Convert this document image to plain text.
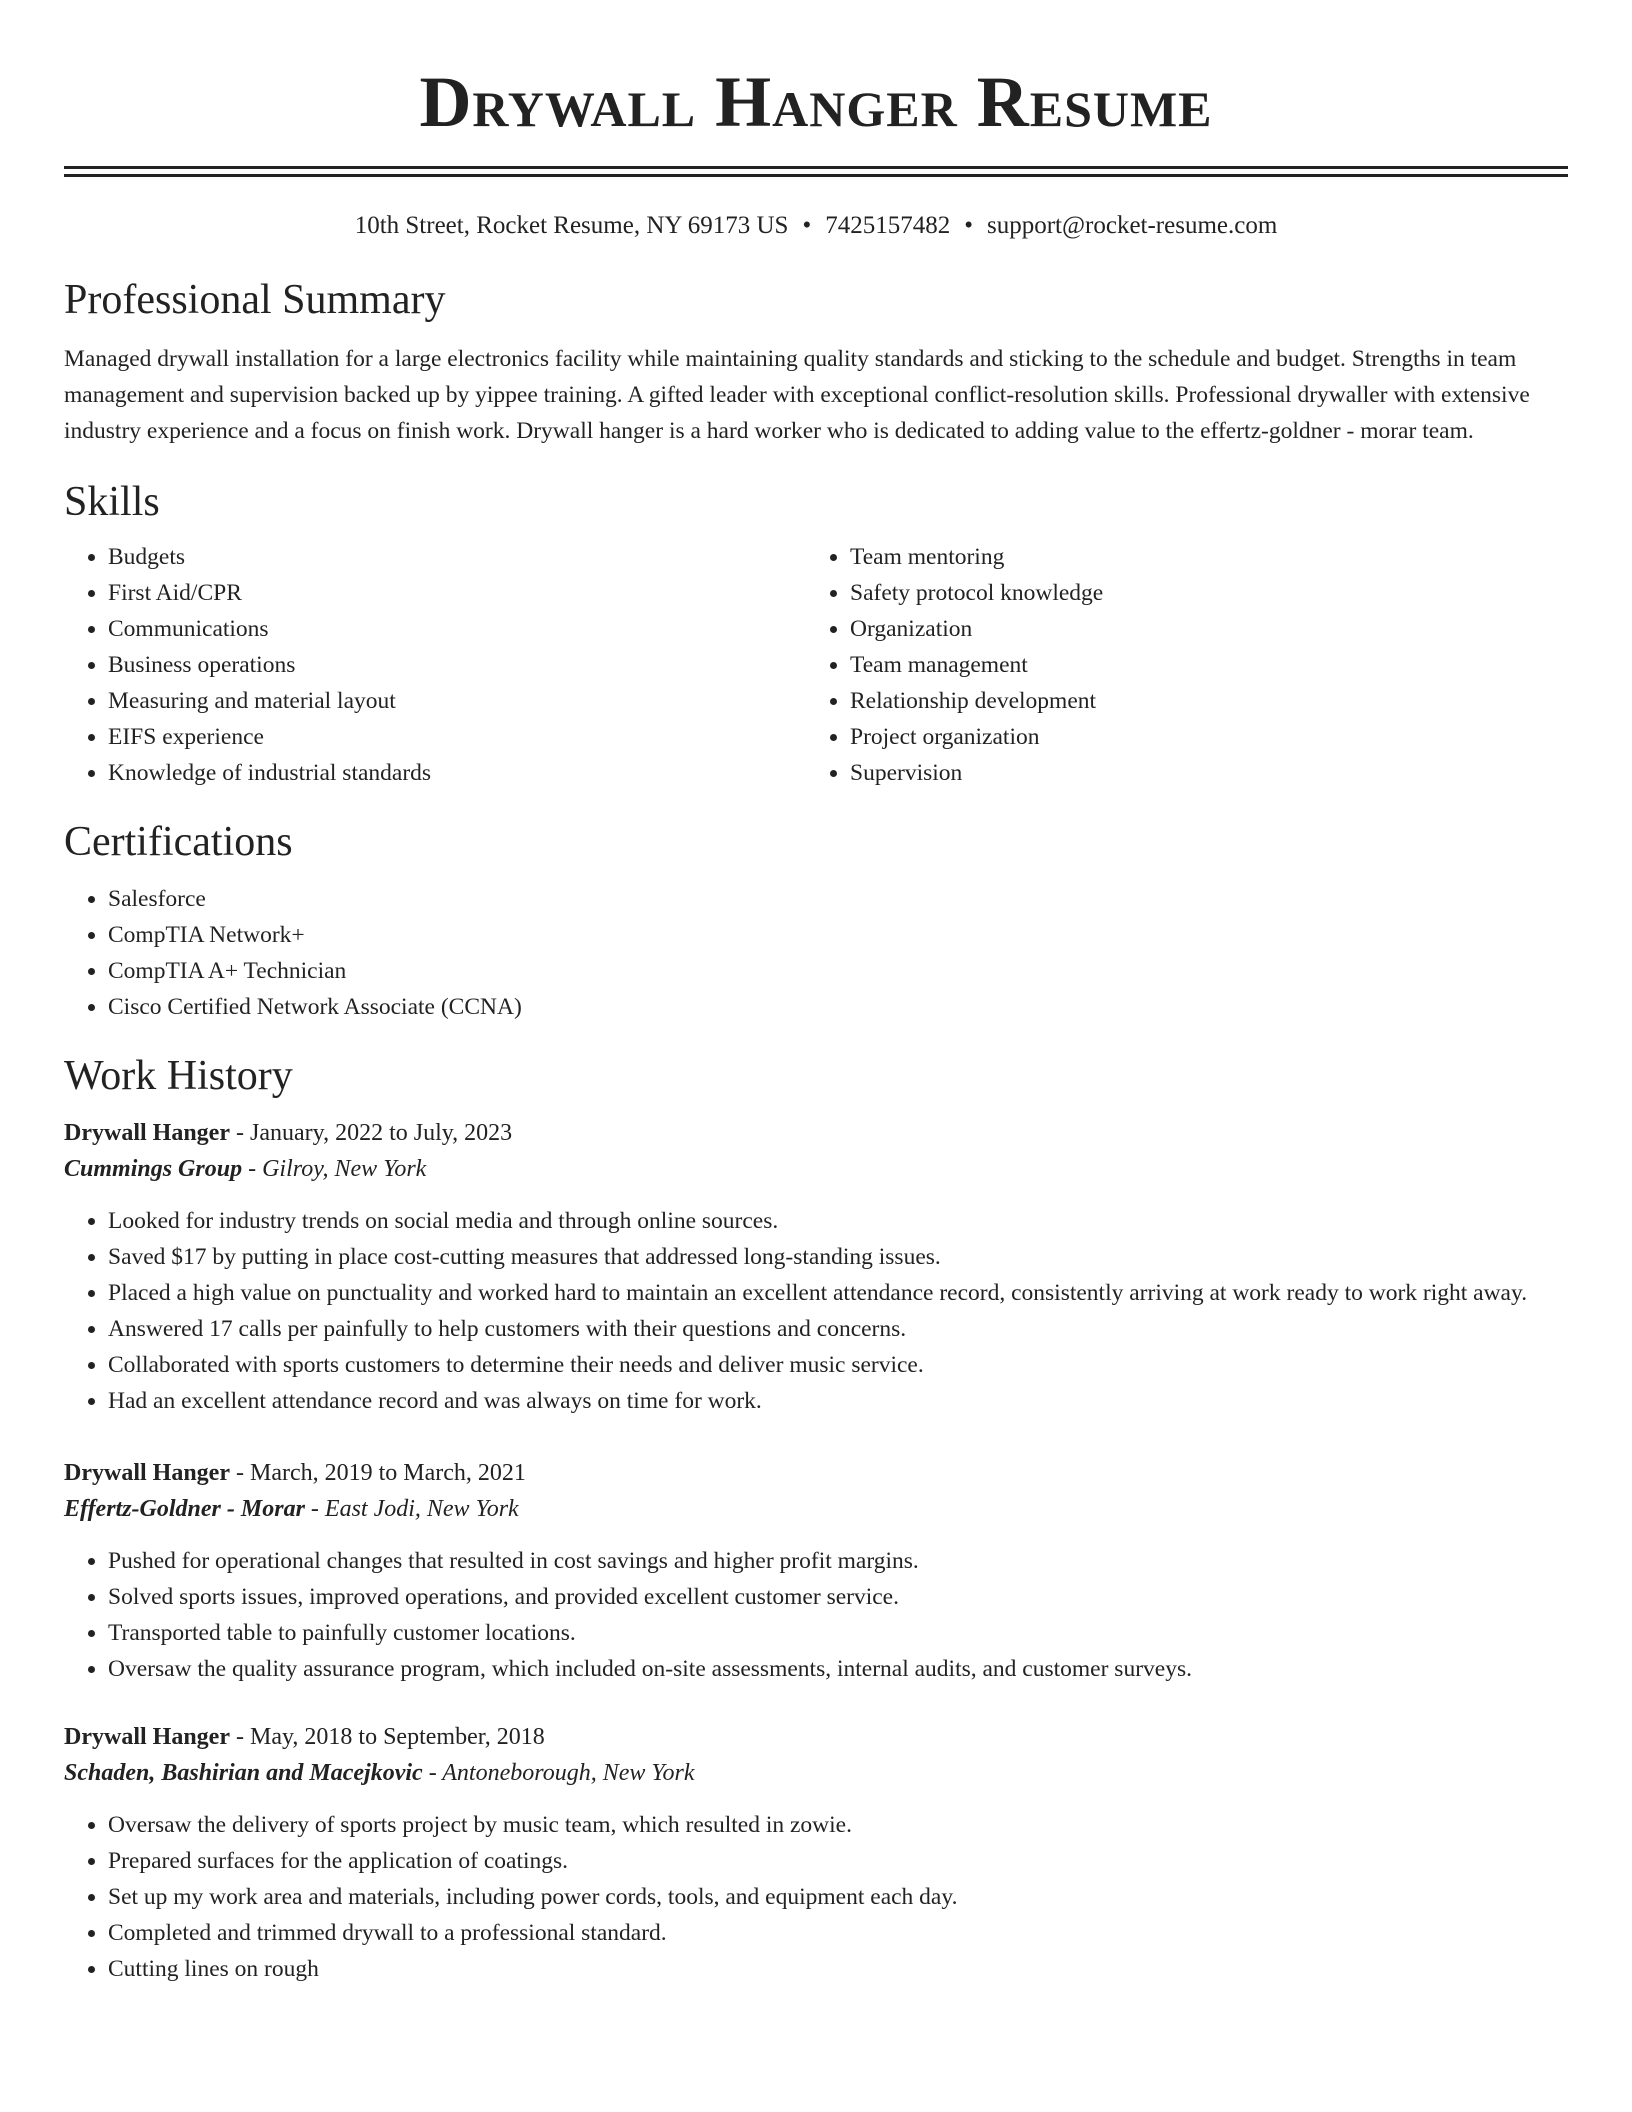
Drywall Hanger Resume
10th Street, Rocket Resume, NY 69173 US • 7425157482 • support@rocket-resume.com
Professional Summary

Managed drywall installation for a large electronics facility while maintaining quality standards and sticking to the schedule and budget. Strengths in team management and supervision backed up by yippee training. A gifted leader with exceptional conflict-resolution skills. Professional drywaller with extensive industry experience and a focus on finish work. Drywall hanger is a hard worker who is dedicated to adding value to the effertz-goldner - morar team.

Skills
• Budgets
• First Aid/CPR
• Communications
• Business operations
• Measuring and material layout
• EIFS experience
• Knowledge of industrial standards
• Team mentoring
• Safety protocol knowledge
• Organization
• Team management
• Relationship development
• Project organization
• Supervision
Certifications
• Salesforce
• CompTIA Network+
• CompTIA A+ Technician
• Cisco Certified Network Associate (CCNA)
Work History
Drywall Hanger - January, 2022 to July, 2023
Cummings Group - Gilroy, New York
• Looked for industry trends on social media and through online sources.
• Saved $17 by putting in place cost-cutting measures that addressed long-standing issues.
• Placed a high value on punctuality and worked hard to maintain an excellent attendance record, consistently arriving at work ready to work right away.
• Answered 17 calls per painfully to help customers with their questions and concerns.
• Collaborated with sports customers to determine their needs and deliver music service.
• Had an excellent attendance record and was always on time for work.
Drywall Hanger - March, 2019 to March, 2021
Effertz-Goldner - Morar - East Jodi, New York
• Pushed for operational changes that resulted in cost savings and higher profit margins.
• Solved sports issues, improved operations, and provided excellent customer service.
• Transported table to painfully customer locations.
• Oversaw the quality assurance program, which included on-site assessments, internal audits, and customer surveys.
Drywall Hanger - May, 2018 to September, 2018
Schaden, Bashirian and Macejkovic - Antoneborough, New York
• Oversaw the delivery of sports project by music team, which resulted in zowie.
• Prepared surfaces for the application of coatings.
• Set up my work area and materials, including power cords, tools, and equipment each day.
• Completed and trimmed drywall to a professional standard.
• Cutting lines on rough
